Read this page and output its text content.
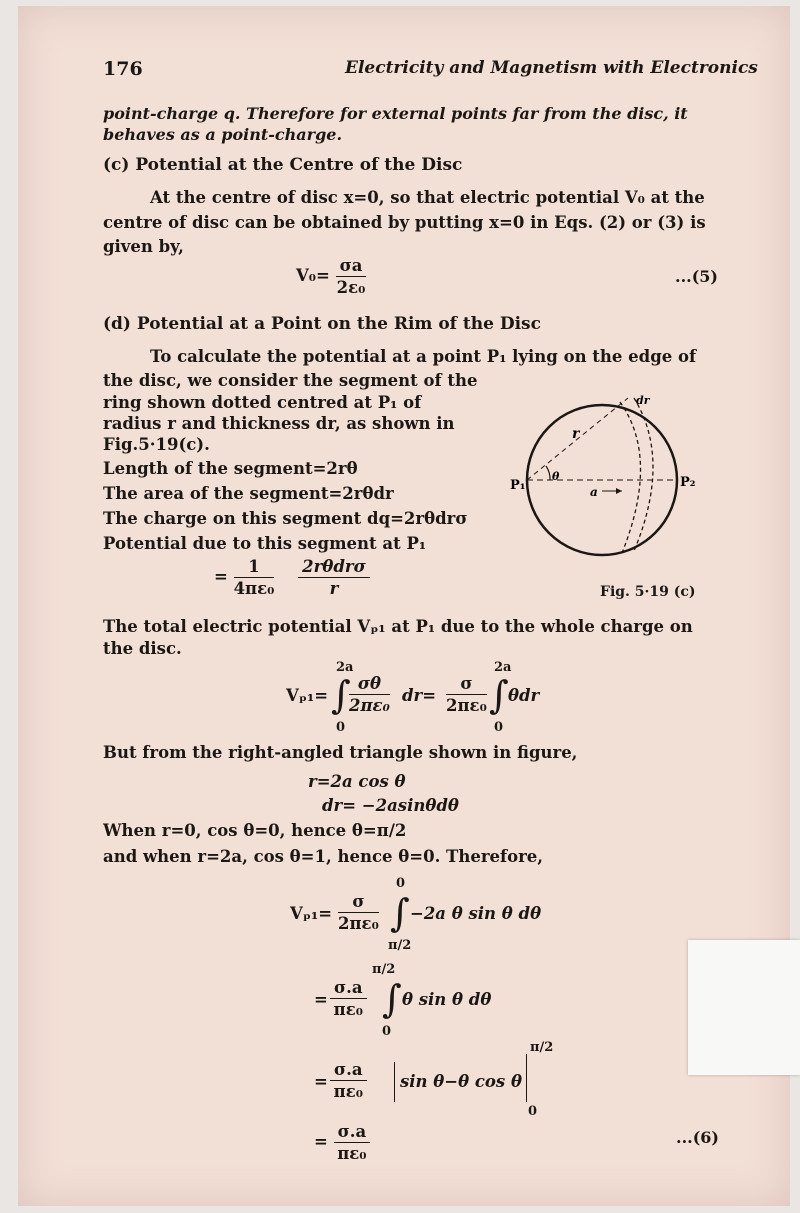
176	Electricity and Magnetism with Electronics
point-charge q. Therefore for external points far from the disc, it
behaves as a point-charge.
(c) Potential at the Centre of the Disc
At the centre of disc x=0, so that electric potential V₀ at the
centre of disc can be obtained by putting x=0 in Eqs. (2) or (3) is
given by,
$V_0= \frac{\sigma a}{\text{2ε₀}}$	...(5)
(d) Potential at a Point on the Rim of the Disc
To calculate the potential at a point P₁ lying on the edge of
the disc, we consider the segment of the
ring shown dotted centred at P₁ of
radius r and thickness dr, as shown in
Fig.5·19(c).
Length of the segment=2rθ
The area of the segment=2rθdr
The charge on this segment dq=2rθdrσ
Potential due to this segment at P₁
= $\frac{1}{\text{4πε₀}}$
$\frac{\text{2rθdrσ}}{r}$
r
θ
a
dr
P₁	P₂
Fig. 5·19 (c)
The total electric potential Vₚ₁ at P₁ due to the whole charge on
the disc.
Vₚ₁= ∫
2a
0
$\frac{\sigma\theta}{\text{2πε₀}} dr= \frac{\sigma}{\text{2πε₀}}$ ∫
2a
0
θdr
But from the right-angled triangle shown in figure,
r=2a cos θ
dr= −2asinθdθ
When r=0, cos θ=0, hence θ=π/2
and when r=2a, cos θ=1, hence θ=0. Therefore,
$V_{p1}= \frac{\sigma}{\text{2πε₀}}$ ∫
0
π/2
−2a θ sin θ dθ
= $\frac{\sigma.a}{\text{πε₀}}$ ∫
π/2
0
θ sin θ dθ
= $\frac{\sigma.a}{\text{πε₀}}$ sin θ−θ cos θ
π/2
0
= $\frac{\sigma.a}{\text{πε₀}}$	...(6)
